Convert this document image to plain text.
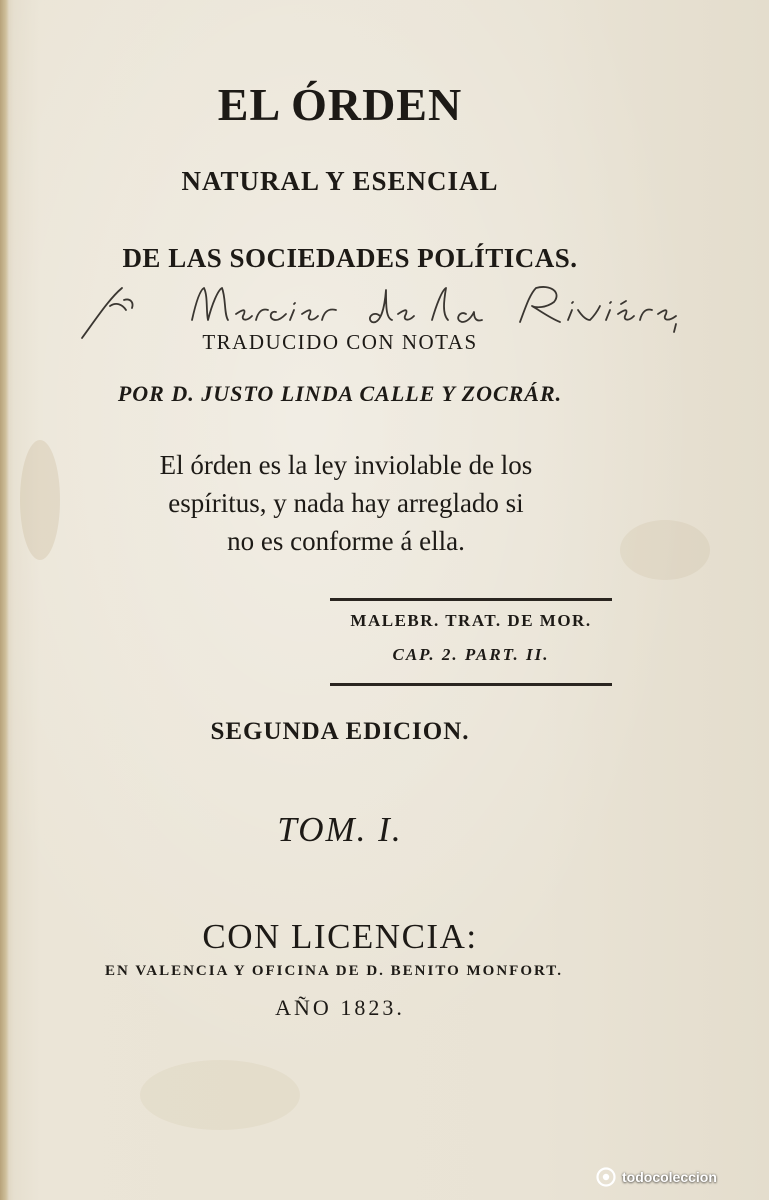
EL ÓRDEN
NATURAL Y ESENCIAL
DE LAS SOCIEDADES POLÍTICAS.
Mercier de la Rivière
TRADUCIDO CON NOTAS
POR D. JUSTO LINDA CALLE Y ZOCRÁR.
El órden es la ley inviolable de los
espíritus, y nada hay arreglado si
no es conforme á ella.
MALEBR. TRAT. DE MOR.
CAP. 2. PART. II.
SEGUNDA EDICION.
TOM. I.
CON LICENCIA:
EN VALENCIA Y OFICINA DE D. BENITO MONFORT.
AÑO 1823.
todocoleccion
